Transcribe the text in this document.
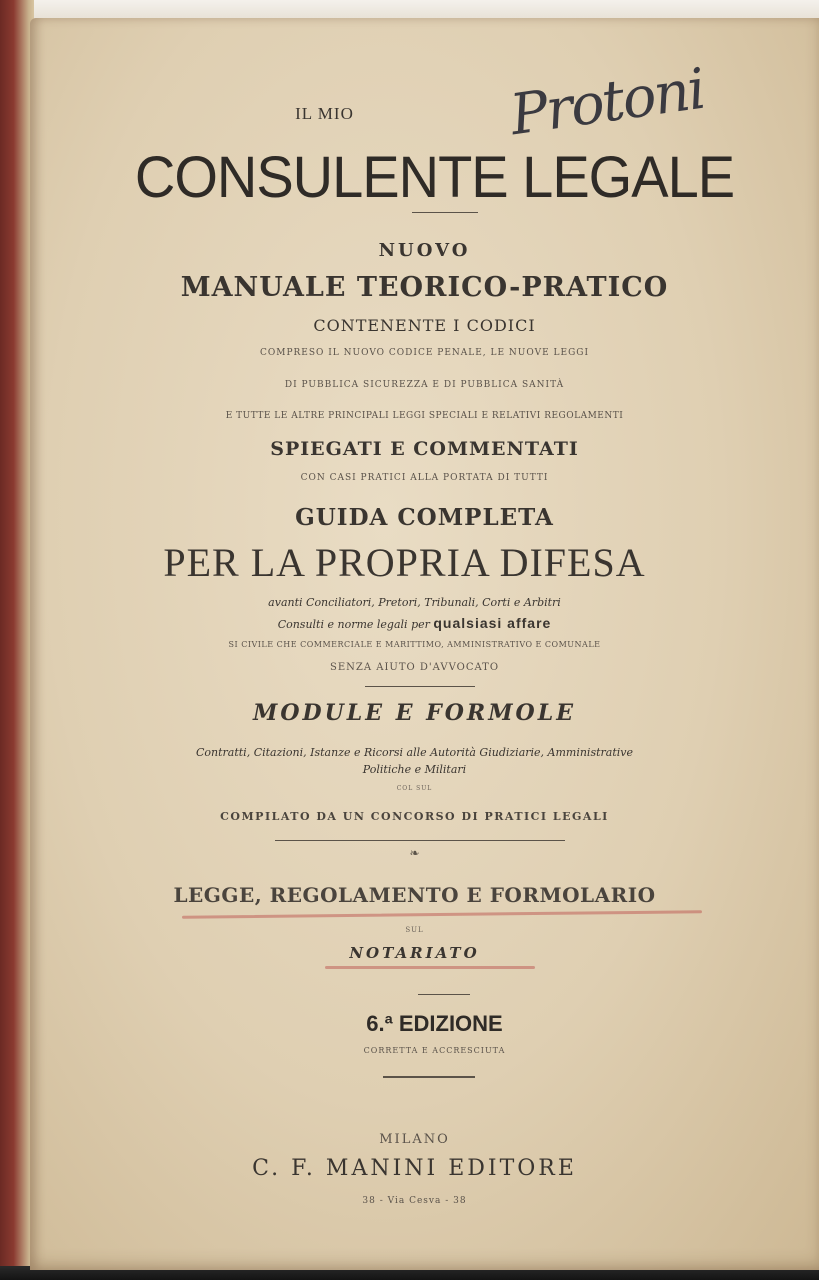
IL MIO	Protoni
CONSULENTE LEGALE
NUOVO
MANUALE TEORICO-PRATICO
CONTENENTE I CODICI
COMPRESO IL NUOVO CODICE PENALE, LE NUOVE LEGGI
DI PUBBLICA SICUREZZA E DI PUBBLICA SANITÀ
E TUTTE LE ALTRE PRINCIPALI LEGGI SPECIALI E RELATIVI REGOLAMENTI
SPIEGATI E COMMENTATI
CON CASI PRATICI ALLA PORTATA DI TUTTI
GUIDA COMPLETA
PER LA PROPRIA DIFESA
avanti Conciliatori, Pretori, Tribunali, Corti e Arbitri
Consulti e norme legali per qualsiasi affare
SI CIVILE CHE COMMERCIALE E MARITTIMO, AMMINISTRATIVO E COMUNALE
SENZA AIUTO D'AVVOCATO
MODULE E FORMOLE
Contratti, Citazioni, Istanze e Ricorsi alle Autorità Giudiziarie, Amministrative
Politiche e Militari
COL SUL
COMPILATO DA UN CONCORSO DI PRATICI LEGALI
❧
LEGGE, REGOLAMENTO E FORMOLARIO
SUL
NOTARIATO
6.ª EDIZIONE
CORRETTA E ACCRESCIUTA
MILANO
C. F. MANINI EDITORE
38 - Via Cesva - 38
